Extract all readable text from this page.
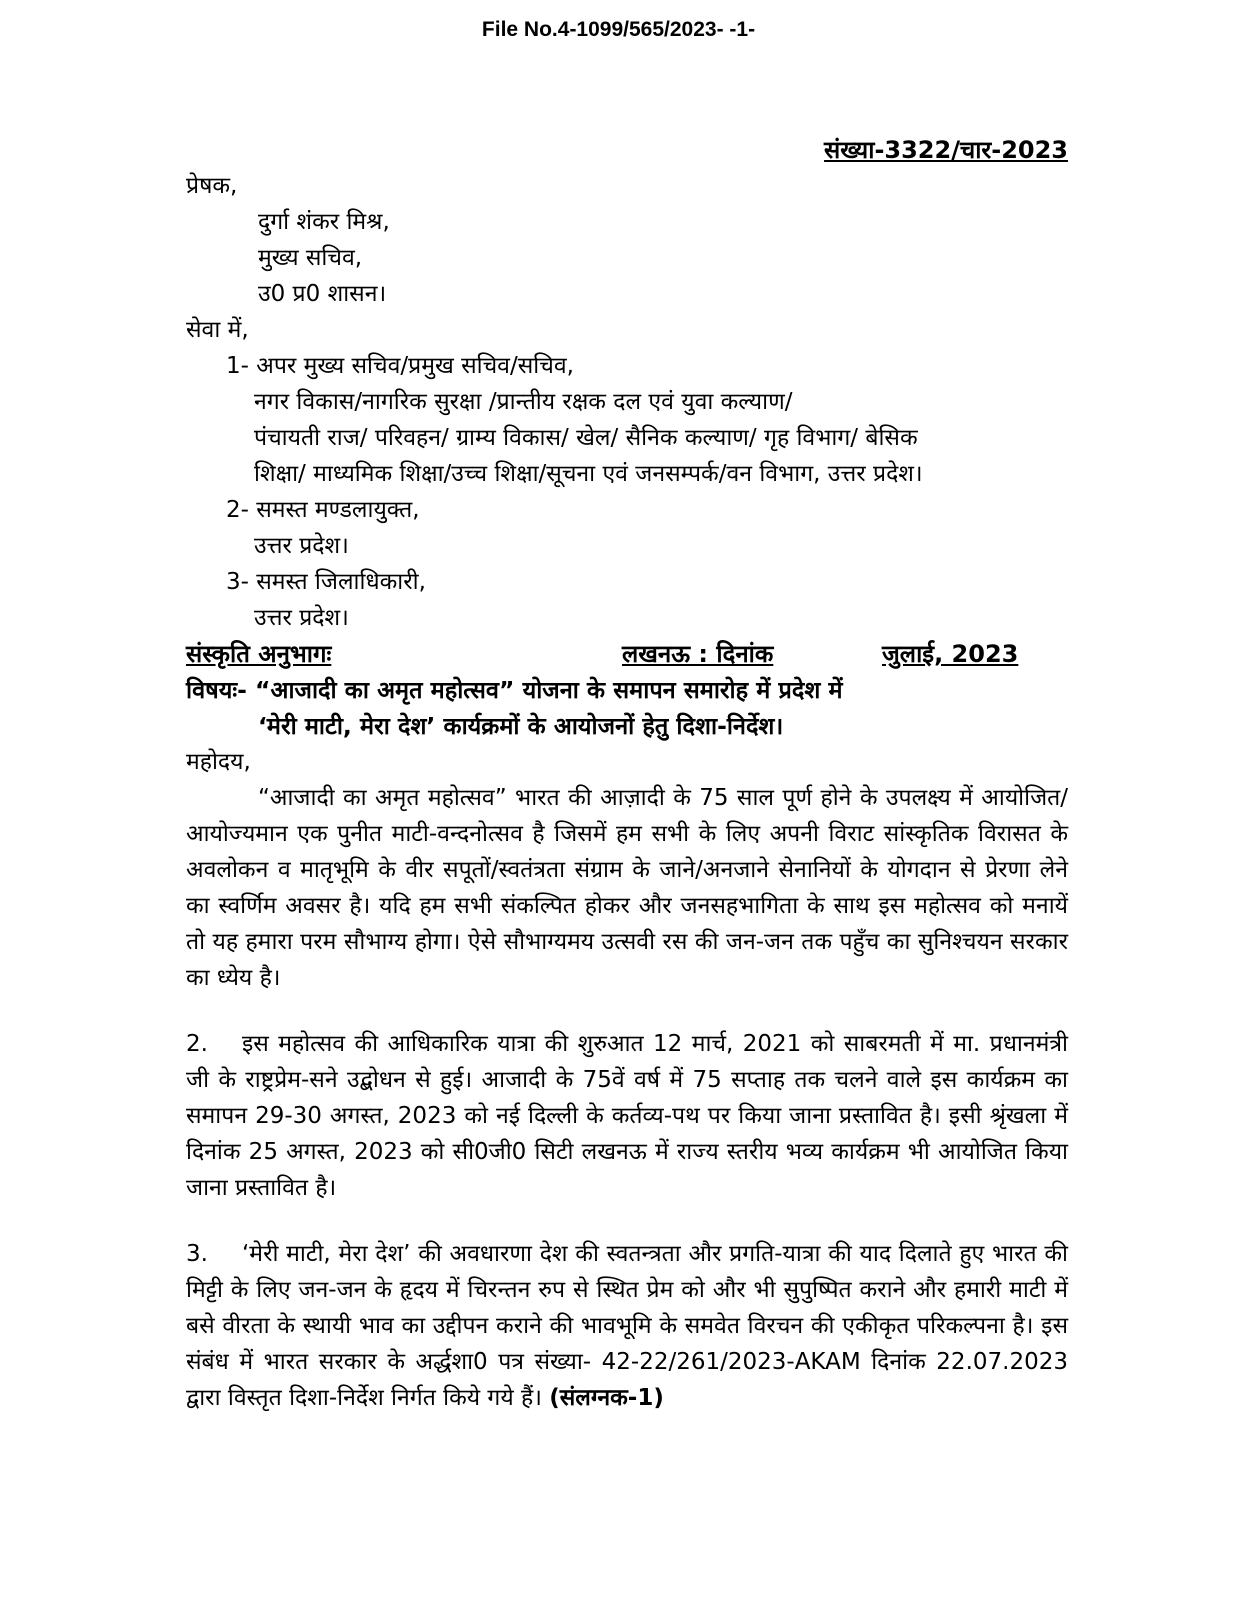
File No.4-1099/565/2023- -1-
संख्या-3322/चार-2023
प्रेषक,
दुर्गा शंकर मिश्र,
मुख्य सचिव,
उ0 प्र0 शासन।
सेवा में,
1- अपर मुख्य सचिव/प्रमुख सचिव/सचिव,
नगर विकास/नागरिक सुरक्षा /प्रान्तीय रक्षक दल एवं युवा कल्याण/
पंचायती राज/ परिवहन/ ग्राम्य विकास/ खेल/ सैनिक कल्याण/ गृह विभाग/ बेसिक
शिक्षा/ माध्यमिक शिक्षा/उच्च शिक्षा/सूचना एवं जनसम्पर्क/वन विभाग, उत्तर प्रदेश।
2- समस्त मण्डलायुक्त,
उत्तर प्रदेश।
3- समस्त जिलाधिकारी,
उत्तर प्रदेश।
संस्कृति अनुभागः	लखनऊ : दिनांक	जुलाई, 2023
विषयः- “आजादी का अमृत महोत्सव” योजना के समापन समारोह में प्रदेश में
‘मेरी माटी, मेरा देश’ कार्यक्रमों के आयोजनों हेतु दिशा-निर्देश।
महोदय,
“आजादी का अमृत महोत्सव” भारत की आज़ादी के 75 साल पूर्ण होने के उपलक्ष्य में आयोजित/आयोज्यमान एक पुनीत माटी-वन्दनोत्सव है जिसमें हम सभी के लिए अपनी विराट सांस्कृतिक विरासत के अवलोकन व मातृभूमि के वीर सपूतों/स्वतंत्रता संग्राम के जाने/अनजाने सेनानियों के योगदान से प्रेरणा लेने का स्वर्णिम अवसर है। यदि हम सभी संकल्पित होकर और जनसहभागिता के साथ इस महोत्सव को मनायें तो यह हमारा परम सौभाग्य होगा। ऐसे सौभाग्यमय उत्सवी रस की जन-जन तक पहुँच का सुनिश्चयन सरकार का ध्येय है।
2. इस महोत्सव की आधिकारिक यात्रा की शुरुआत 12 मार्च, 2021 को साबरमती में मा. प्रधानमंत्री जी के राष्ट्रप्रेम-सने उद्बोधन से हुई। आजादी के 75वें वर्ष में 75 सप्ताह तक चलने वाले इस कार्यक्रम का समापन 29-30 अगस्त, 2023 को नई दिल्ली के कर्तव्य-पथ पर किया जाना प्रस्तावित है। इसी श्रृंखला में दिनांक 25 अगस्त, 2023 को सी0जी0 सिटी लखनऊ में राज्य स्तरीय भव्य कार्यक्रम भी आयोजित किया जाना प्रस्तावित है।
3. ‘मेरी माटी, मेरा देश’ की अवधारणा देश की स्वतन्त्रता और प्रगति-यात्रा की याद दिलाते हुए भारत की मिट्टी के लिए जन-जन के हृदय में चिरन्तन रुप से स्थित प्रेम को और भी सुपुष्पित कराने और हमारी माटी में बसे वीरता के स्थायी भाव का उद्दीपन कराने की भावभूमि के समवेत विरचन की एकीकृत परिकल्पना है। इस संबंध में भारत सरकार के अर्द्धशा0 पत्र संख्या- 42-22/261/2023-AKAM दिनांक 22.07.2023 द्वारा विस्तृत दिशा-निर्देश निर्गत किये गये हैं। (संलग्नक-1)
